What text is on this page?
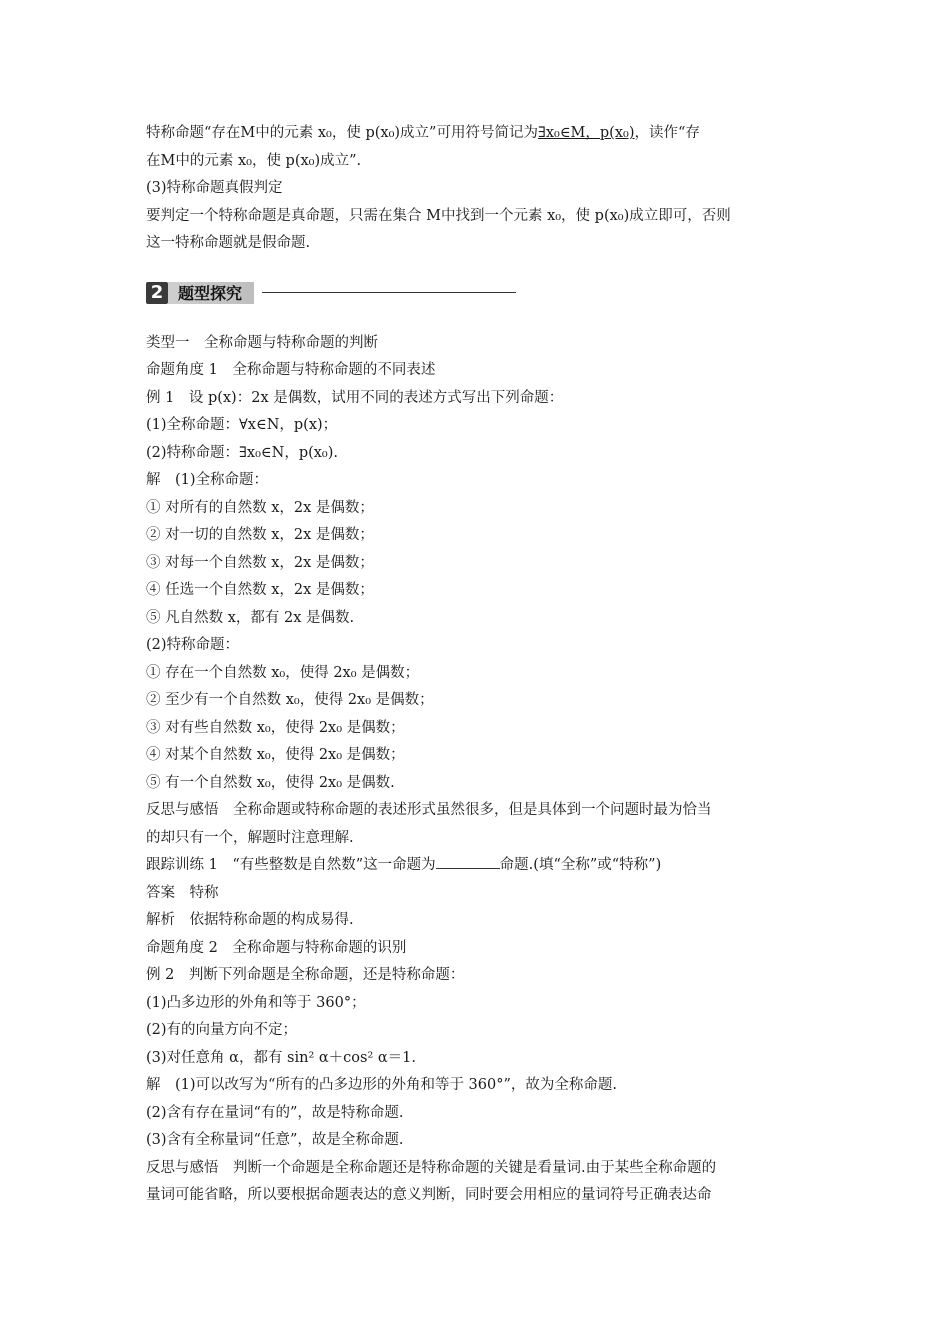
特称命题“存在M中的元素 x₀，使 p(x₀)成立”可用符号简记为∃x₀∈M，p(x₀)，读作“存

在M中的元素 x₀，使 p(x₀)成立”.

(3)特称命题真假判定

要判定一个特称命题是真命题，只需在集合 M中找到一个元素 x₀，使 p(x₀)成立即可，否则

这一特称命题就是假命题.

2 题型探究

类型一　全称命题与特称命题的判断

命题角度 1　全称命题与特称命题的不同表述

例 1　设 p(x)：2x 是偶数，试用不同的表述方式写出下列命题：

(1)全称命题：∀x∈N，p(x)；

(2)特称命题：∃x₀∈N，p(x₀).

解　(1)全称命题：

① 对所有的自然数 x，2x 是偶数；

② 对一切的自然数 x，2x 是偶数；

③ 对每一个自然数 x，2x 是偶数；

④ 任选一个自然数 x，2x 是偶数；

⑤ 凡自然数 x，都有 2x 是偶数.

(2)特称命题：

① 存在一个自然数 x₀，使得 2x₀ 是偶数；

② 至少有一个自然数 x₀，使得 2x₀ 是偶数；

③ 对有些自然数 x₀，使得 2x₀ 是偶数；

④ 对某个自然数 x₀，使得 2x₀ 是偶数；

⑤ 有一个自然数 x₀，使得 2x₀ 是偶数.

反思与感悟　全称命题或特称命题的表述形式虽然很多，但是具体到一个问题时最为恰当

的却只有一个，解题时注意理解.

跟踪训练 1　“有些整数是自然数”这一命题为	命题.(填“全称”或“特称”)

答案　特称

解析　依据特称命题的构成易得.

命题角度 2　全称命题与特称命题的识别

例 2　判断下列命题是全称命题，还是特称命题：

(1)凸多边形的外角和等于 360°；

(2)有的向量方向不定；

(3)对任意角 α，都有 sin² α＋cos² α＝1.

解　(1)可以改写为“所有的凸多边形的外角和等于 360°”，故为全称命题.

(2)含有存在量词“有的”，故是特称命题.

(3)含有全称量词“任意”，故是全称命题.

反思与感悟　判断一个命题是全称命题还是特称命题的关键是看量词.由于某些全称命题的

量词可能省略，所以要根据命题表达的意义判断，同时要会用相应的量词符号正确表达命
